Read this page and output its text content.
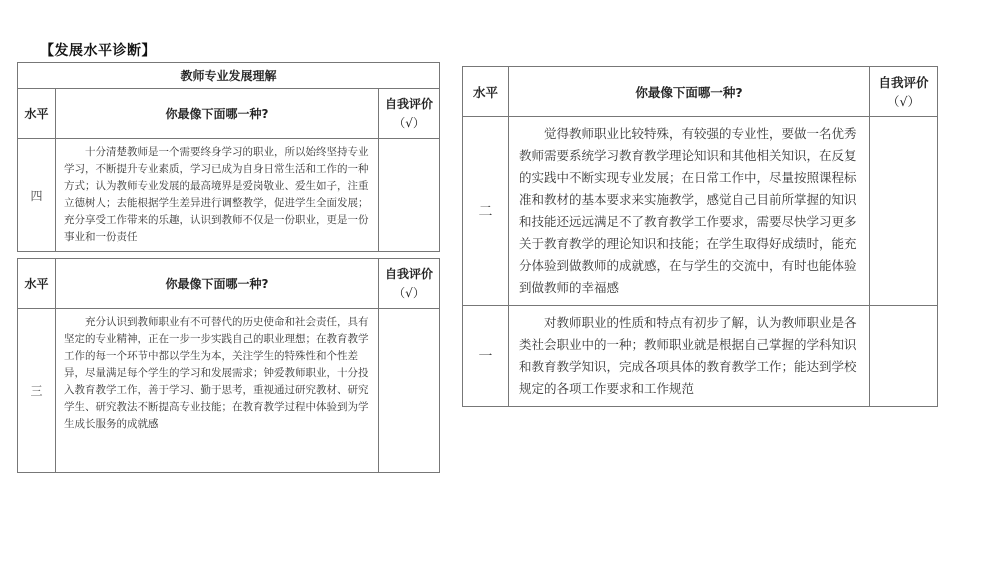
【发展水平诊断】
教师专业发展理解		
水平	你最像下面哪一种?	自我评价
（√）

四	十分清楚教师是一个需要终身学习的职业，所以始终坚持专业学习，不断提升专业素质，学习已成为自身日常生活和工作的一种方式；认为教师专业发展的最高境界是爱岗敬业、爱生如子，注重立德树人；去能根据学生差异进行调整教学，促进学生全面发展；充分享受工作带来的乐趣，认识到教师不仅是一份职业，更是一份事业和一份责任	
水平	你最像下面哪一种?	自我评价
（√）

三	充分认识到教师职业有不可替代的历史使命和社会责任，具有坚定的专业精神，正在一步一步实践自己的职业理想；在教育教学工作的每一个环节中都以学生为本，关注学生的特殊性和个性差异，尽量满足每个学生的学习和发展需求；钟爱教师职业，十分投入教育教学工作，善于学习、勤于思考，重视通过研究教材、研究学生、研究教法不断提高专业技能；在教育教学过程中体验到为学生成长服务的成就感	
水平	你最像下面哪一种?	自我评价
（√）

二	觉得教师职业比较特殊，有较强的专业性，要做一名优秀教师需要系统学习教育教学理论知识和其他相关知识，在反复的实践中不断实现专业发展；在日常工作中，尽量按照课程标准和教材的基本要求来实施教学，感觉自己目前所掌握的知识和技能还远远满足不了教育教学工作要求，需要尽快学习更多关于教育教学的理论知识和技能；在学生取得好成绩时，能充分体验到做教师的成就感，在与学生的交流中，有时也能体验到做教师的幸福感	
一	对教师职业的性质和特点有初步了解，认为教师职业是各类社会职业中的一种；教师职业就是根据自己掌握的学科知识和教育教学知识，完成各项具体的教育教学工作；能达到学校规定的各项工作要求和工作规范	
